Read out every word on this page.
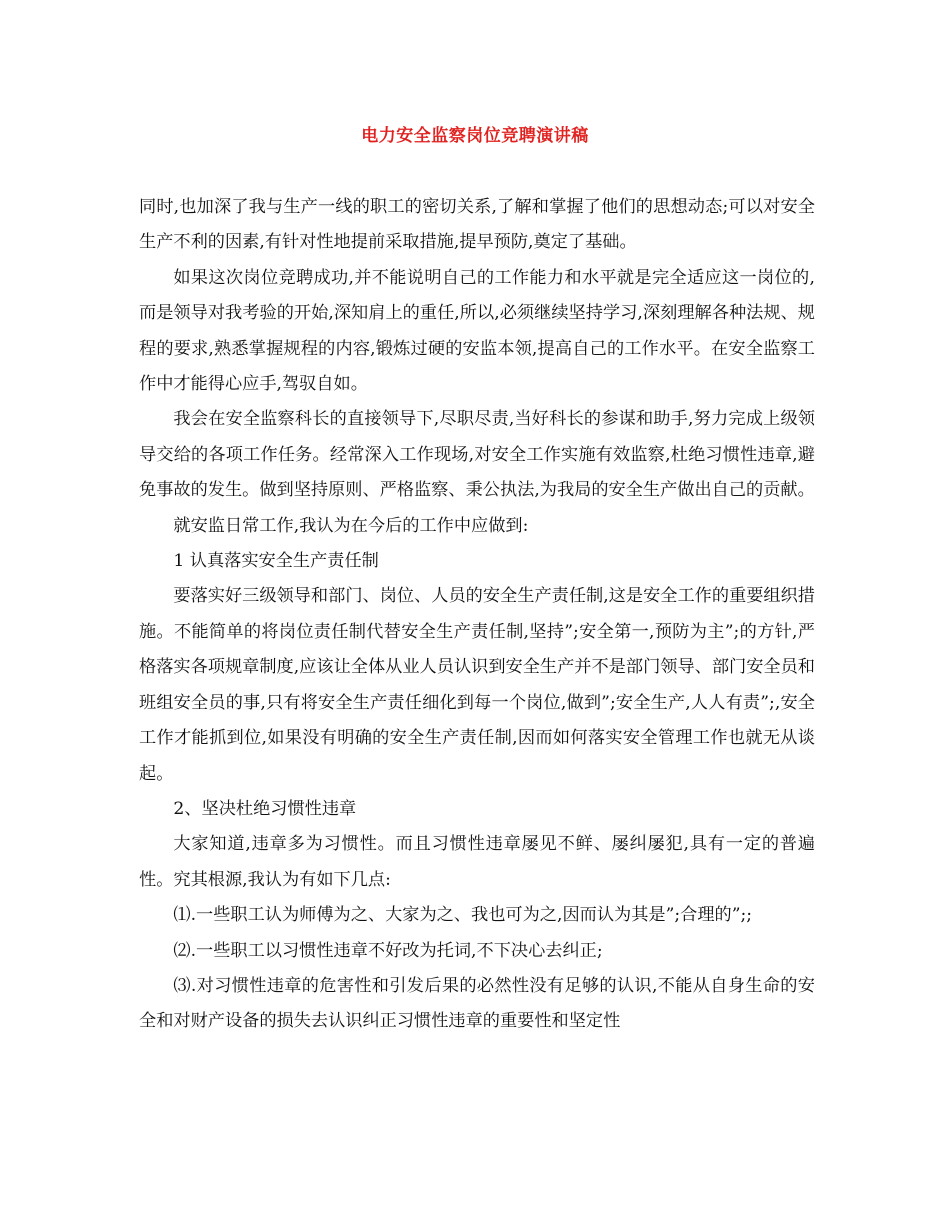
电力安全监察岗位竞聘演讲稿

同时,也加深了我与生产一线的职工的密切关系,了解和掌握了他们的思想动态;可以对安全生产不利的因素,有针对性地提前采取措施,提早预防,奠定了基础。

如果这次岗位竞聘成功,并不能说明自己的工作能力和水平就是完全适应这一岗位的,而是领导对我考验的开始,深知肩上的重任,所以,必须继续坚持学习,深刻理解各种法规、规程的要求,熟悉掌握规程的内容,锻炼过硬的安监本领,提高自己的工作水平。在安全监察工作中才能得心应手,驾驭自如。

我会在安全监察科长的直接领导下,尽职尽责,当好科长的参谋和助手,努力完成上级领导交给的各项工作任务。经常深入工作现场,对安全工作实施有效监察,杜绝习惯性违章,避免事故的发生。做到坚持原则、严格监察、秉公执法,为我局的安全生产做出自己的贡献。

就安监日常工作,我认为在今后的工作中应做到:

1 认真落实安全生产责任制

要落实好三级领导和部门、岗位、人员的安全生产责任制,这是安全工作的重要组织措施。不能简单的将岗位责任制代替安全生产责任制,坚持”;安全第一,预防为主”;的方针,严格落实各项规章制度,应该让全体从业人员认识到安全生产并不是部门领导、部门安全员和班组安全员的事,只有将安全生产责任细化到每一个岗位,做到”;安全生产,人人有责”;,安全工作才能抓到位,如果没有明确的安全生产责任制,因而如何落实安全管理工作也就无从谈起。

2、坚决杜绝习惯性违章

大家知道,违章多为习惯性。而且习惯性违章屡见不鲜、屡纠屡犯,具有一定的普遍性。究其根源,我认为有如下几点:

⑴.一些职工认为师傅为之、大家为之、我也可为之,因而认为其是”;合理的”;;

⑵.一些职工以习惯性违章不好改为托词,不下决心去纠正;

⑶.对习惯性违章的危害性和引发后果的必然性没有足够的认识,不能从自身生命的安全和对财产设备的损失去认识纠正习惯性违章的重要性和坚定性
